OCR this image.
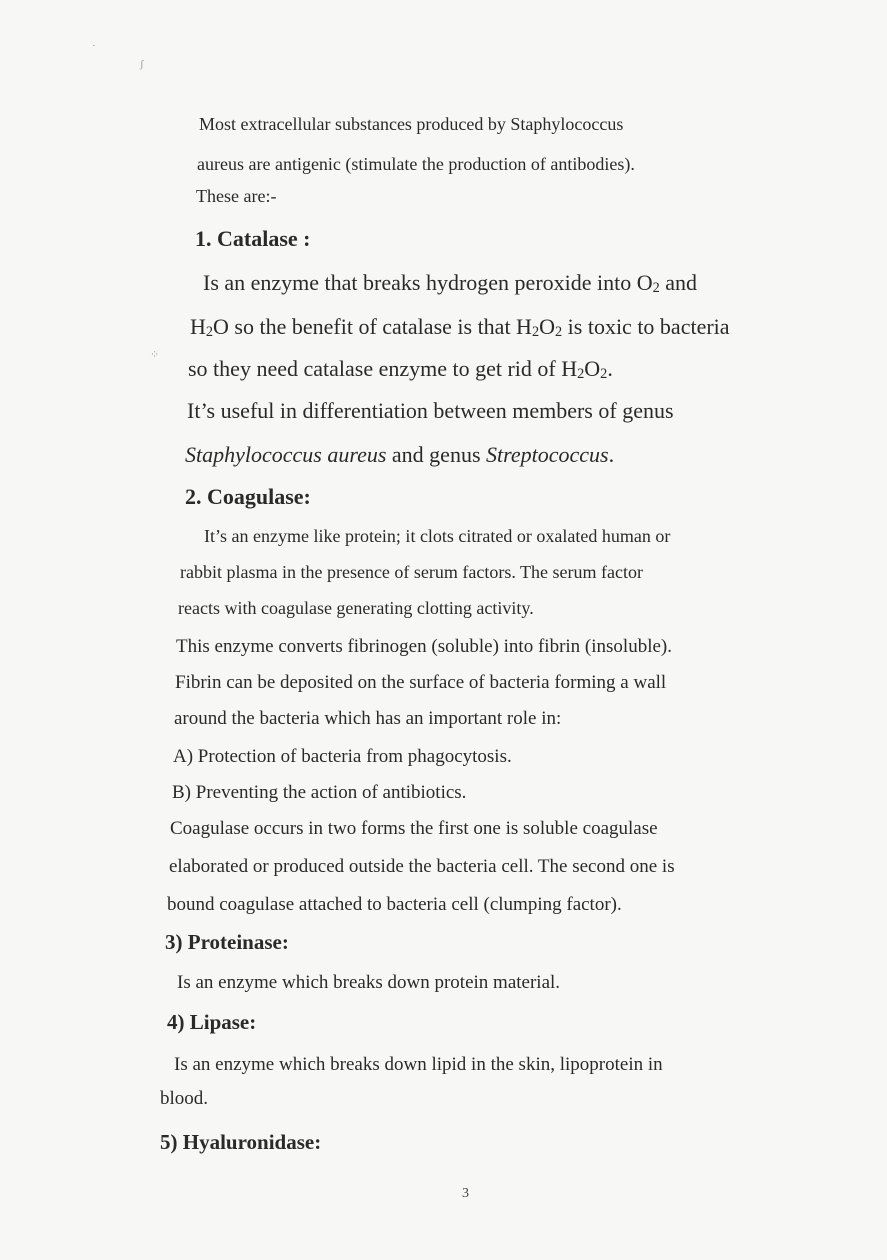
·
ʃ
⁘

Most extracellular substances produced by Staphylococcus

aureus are antigenic (stimulate the production of antibodies).

These are:-

1. Catalase :

Is an enzyme that breaks hydrogen peroxide into $O_2$ and

$H_2O$ so the benefit of catalase is that $H_2O_2$ is toxic to bacteria

so they need catalase enzyme to get rid of $H_2O_2$.

It’s useful in differentiation between members of genus

Staphylococcus aureus and genus Streptococcus.

2. Coagulase:

It’s an enzyme like protein; it clots citrated or oxalated human or

rabbit plasma in the presence of serum factors. The serum factor

reacts with coagulase generating clotting activity.

This enzyme converts fibrinogen (soluble) into fibrin (insoluble).

Fibrin can be deposited on the surface of bacteria forming a wall

around the bacteria which has an important role in:

A) Protection of bacteria from phagocytosis.

B) Preventing the action of antibiotics.

Coagulase occurs in two forms the first one is soluble coagulase

elaborated or produced outside the bacteria cell. The second one is

bound coagulase attached to bacteria cell (clumping factor).

3) Proteinase:

Is an enzyme which breaks down protein material.

4) Lipase:

Is an enzyme which breaks down lipid in the skin, lipoprotein in

blood.

5) Hyaluronidase:

3
